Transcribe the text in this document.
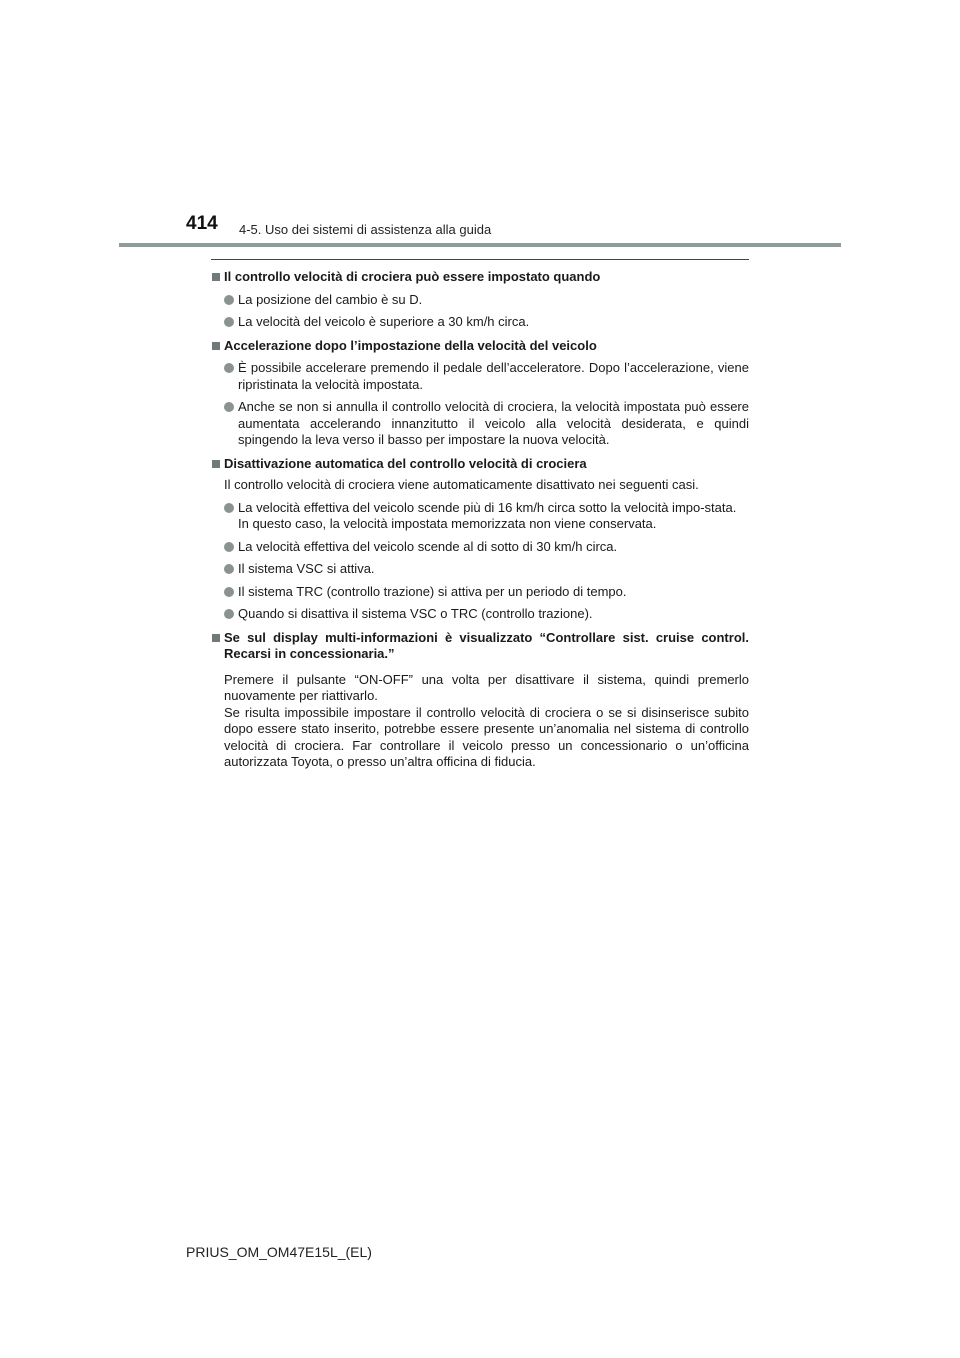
414 4-5. Uso dei sistemi di assistenza alla guida
Il controllo velocità di crociera può essere impostato quando
La posizione del cambio è su D.
La velocità del veicolo è superiore a 30 km/h circa.
Accelerazione dopo l’impostazione della velocità del veicolo
È possibile accelerare premendo il pedale dell’acceleratore. Dopo l’accelerazione, viene ripristinata la velocità impostata.
Anche se non si annulla il controllo velocità di crociera, la velocità impostata può essere aumentata accelerando innanzitutto il veicolo alla velocità desiderata, e quindi spingendo la leva verso il basso per impostare la nuova velocità.
Disattivazione automatica del controllo velocità di crociera
Il controllo velocità di crociera viene automaticamente disattivato nei seguenti casi.
La velocità effettiva del veicolo scende più di 16 km/h circa sotto la velocità impo-stata.
In questo caso, la velocità impostata memorizzata non viene conservata.
La velocità effettiva del veicolo scende al di sotto di 30 km/h circa.
Il sistema VSC si attiva.
Il sistema TRC (controllo trazione) si attiva per un periodo di tempo.
Quando si disattiva il sistema VSC o TRC (controllo trazione).
Se sul display multi-informazioni è visualizzato “Controllare sist. cruise control. Recarsi in concessionaria.”
Premere il pulsante “ON-OFF” una volta per disattivare il sistema, quindi premerlo nuovamente per riattivarlo.
Se risulta impossibile impostare il controllo velocità di crociera o se si disinserisce subito dopo essere stato inserito, potrebbe essere presente un’anomalia nel sistema di controllo velocità di crociera. Far controllare il veicolo presso un concessionario o un’officina autorizzata Toyota, o presso un’altra officina di fiducia.
PRIUS_OM_OM47E15L_(EL)
